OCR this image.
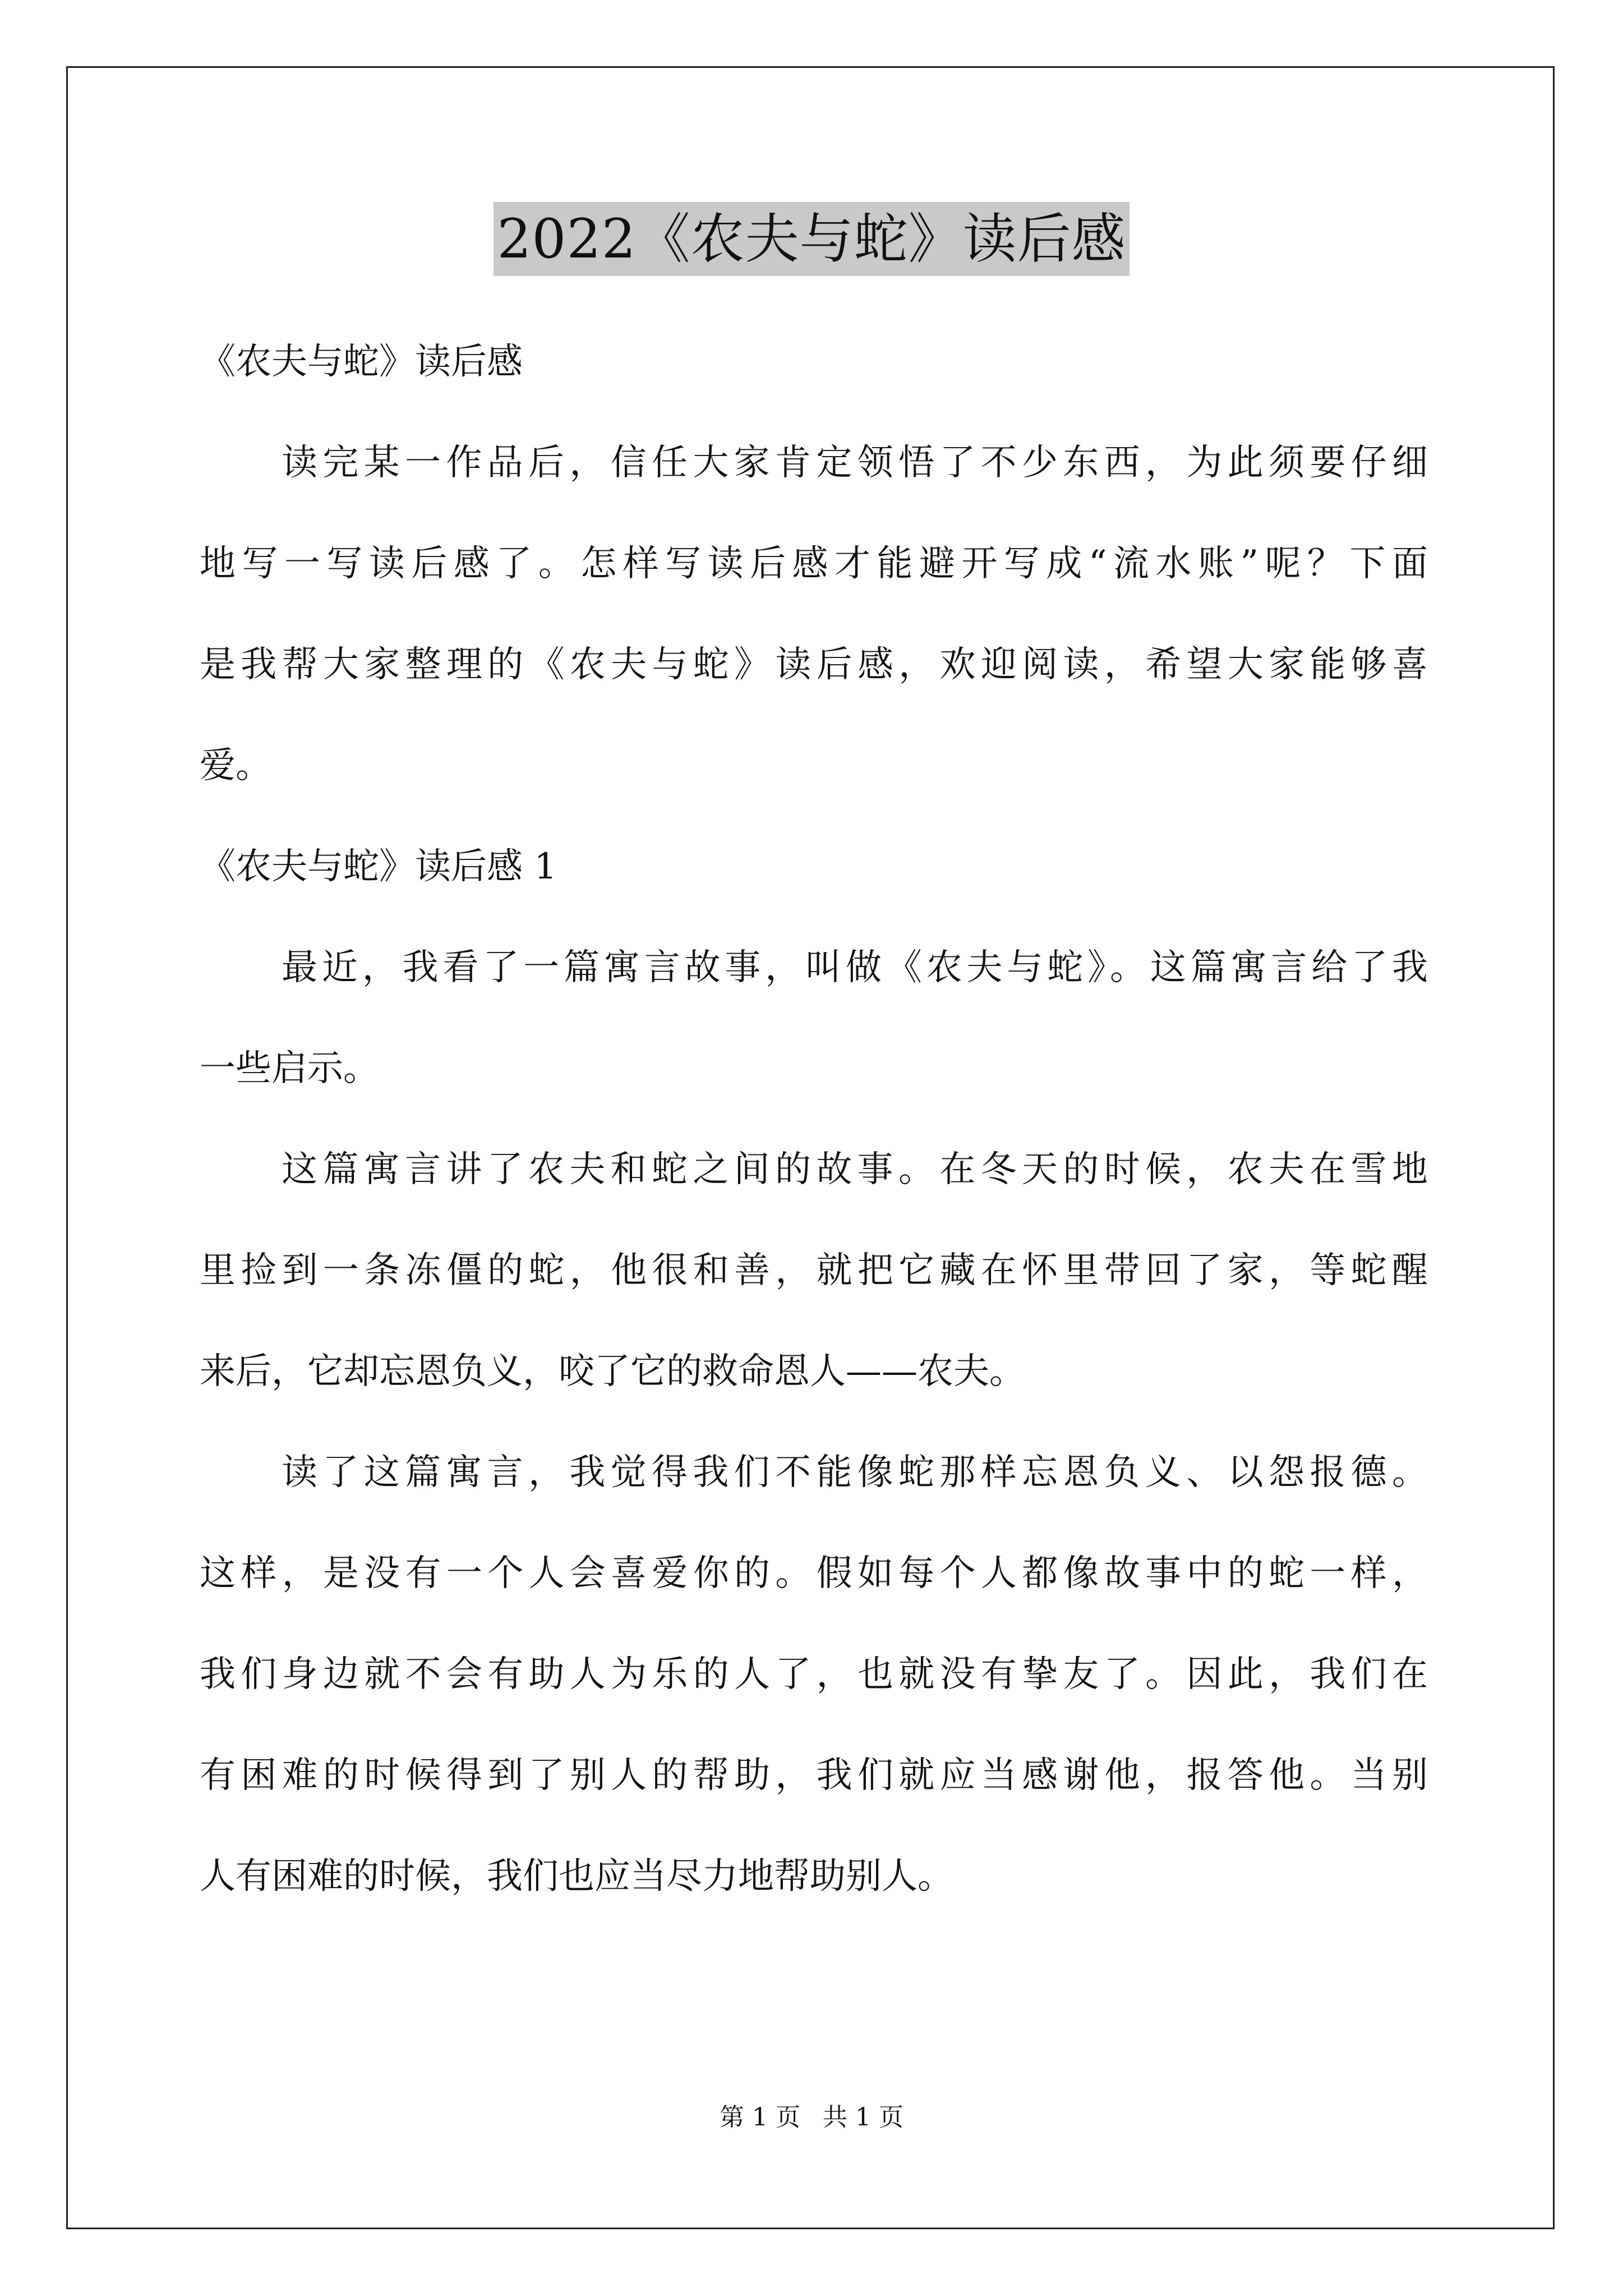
2022《农夫与蛇》读后感
《农夫与蛇》读后感
读完某一作品后，信任大家肯定领悟了不少东西，为此须要仔细
地写一写读后感了。怎样写读后感才能避开写成“流水账”呢？下面
是我帮大家整理的《农夫与蛇》读后感，欢迎阅读，希望大家能够喜
爱。
《农夫与蛇》读后感 1
最近，我看了一篇寓言故事，叫做《农夫与蛇》。这篇寓言给了我
一些启示。
这篇寓言讲了农夫和蛇之间的故事。在冬天的时候，农夫在雪地
里捡到一条冻僵的蛇，他很和善，就把它藏在怀里带回了家，等蛇醒
来后，它却忘恩负义，咬了它的救命恩人——农夫。
读了这篇寓言，我觉得我们不能像蛇那样忘恩负义、以怨报德。
这样，是没有一个人会喜爱你的。假如每个人都像故事中的蛇一样，
我们身边就不会有助人为乐的人了，也就没有挚友了。因此，我们在
有困难的时候得到了别人的帮助，我们就应当感谢他，报答他。当别
人有困难的时候，我们也应当尽力地帮助别人。
第 1 页 共 1 页
